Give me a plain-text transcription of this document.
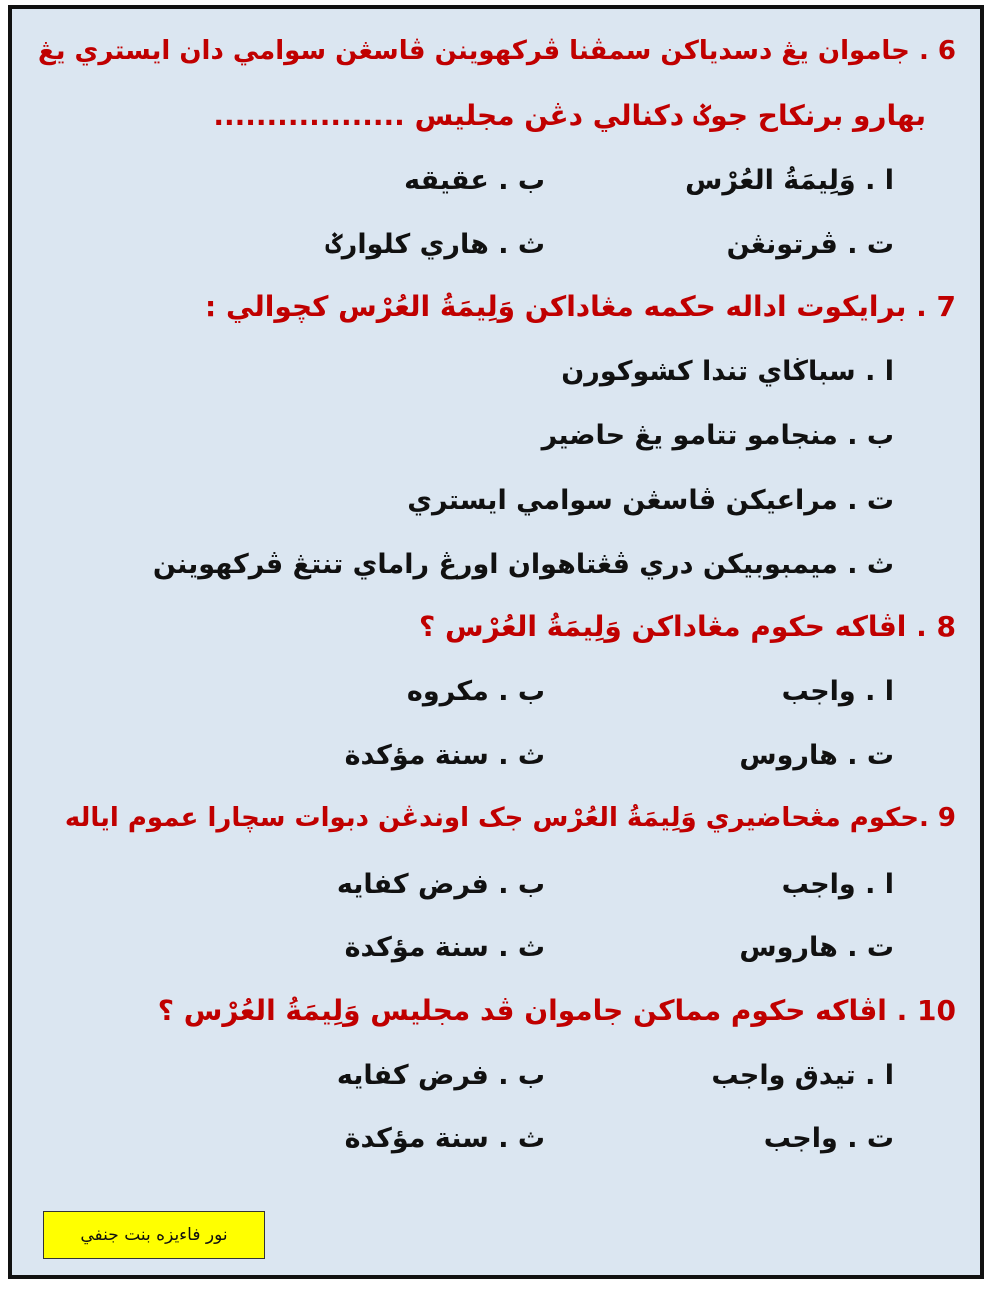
6 . جاموان يڠ دسدياكن سمڤنا ڤركهوينن ڤاسڠن سوامي دان ايستري يڠ
بهارو برنكاح جوݢ دكنالي دڠن مجليس ..................
ا . وَلِيمَةُ العُرْس
ب . عقيقه
ت . ڤرتونڠن
ث . هاري كلوارݢ
7 . برايكوت اداله حكمه مڠاداكن وَلِيمَةُ العُرْس كچوالي :
ا . سباڬاي تندا كشوكورن
ب . منجامو تتامو يڠ حاضير
ت . مراعيكن ڤاسڠن سوامي ايستري
ث . ميمبوبيكن دري ڤڠتاهوان اورڠ راماي تنتڠ ڤركهوينن
8 . اڤاكه حكوم مڠاداكن وَلِيمَةُ العُرْس ؟
ا . واجب
ب . مكروه
ت . هاروس
ث . سنة مؤكدة
9 .حكوم مڠحاضيري وَلِيمَةُ العُرْس جک اوندڠن دبوات سچارا عموم اياله
ا . واجب
ب . فرض كفايه
ت . هاروس
ث . سنة مؤكدة
10 . اڤاكه حكوم مماكن جاموان ڤد مجليس وَلِيمَةُ العُرْس ؟
ا . تيدق واجب
ب . فرض كفايه
ت . واجب
ث . سنة مؤكدة
نور فاءيزه بنت جنفي
